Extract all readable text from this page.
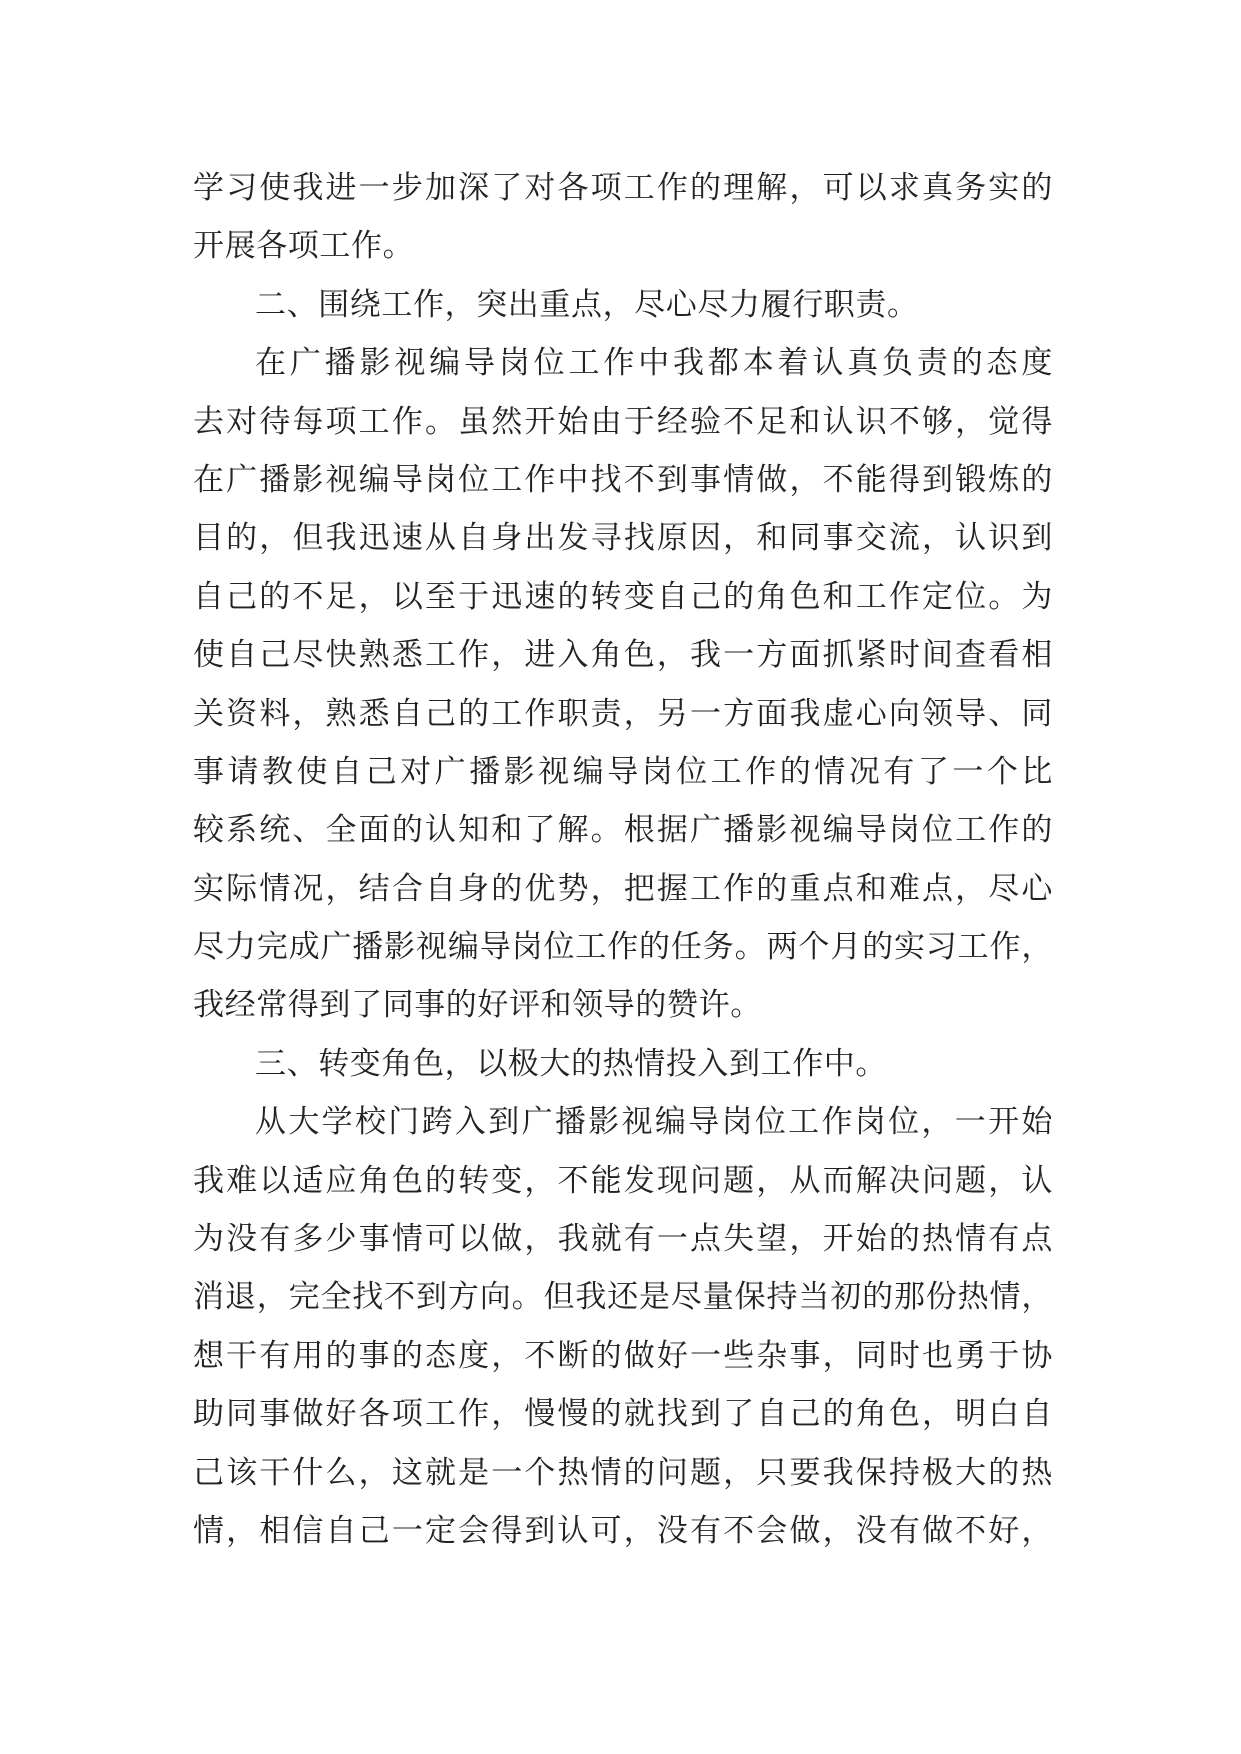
学习使我进一步加深了对各项工作的理解，可以求真务实的
开展各项工作。
二、围绕工作，突出重点，尽心尽力履行职责。
在广播影视编导岗位工作中我都本着认真负责的态度
去对待每项工作。虽然开始由于经验不足和认识不够，觉得
在广播影视编导岗位工作中找不到事情做，不能得到锻炼的
目的，但我迅速从自身出发寻找原因，和同事交流，认识到
自己的不足，以至于迅速的转变自己的角色和工作定位。为
使自己尽快熟悉工作，进入角色，我一方面抓紧时间查看相
关资料，熟悉自己的工作职责，另一方面我虚心向领导、同
事请教使自己对广播影视编导岗位工作的情况有了一个比
较系统、全面的认知和了解。根据广播影视编导岗位工作的
实际情况，结合自身的优势，把握工作的重点和难点，尽心
尽力完成广播影视编导岗位工作的任务。两个月的实习工作，
我经常得到了同事的好评和领导的赞许。
三、转变角色，以极大的热情投入到工作中。
从大学校门跨入到广播影视编导岗位工作岗位，一开始
我难以适应角色的转变，不能发现问题，从而解决问题，认
为没有多少事情可以做，我就有一点失望，开始的热情有点
消退，完全找不到方向。但我还是尽量保持当初的那份热情，
想干有用的事的态度，不断的做好一些杂事，同时也勇于协
助同事做好各项工作，慢慢的就找到了自己的角色，明白自
己该干什么，这就是一个热情的问题，只要我保持极大的热
情，相信自己一定会得到认可，没有不会做，没有做不好，
